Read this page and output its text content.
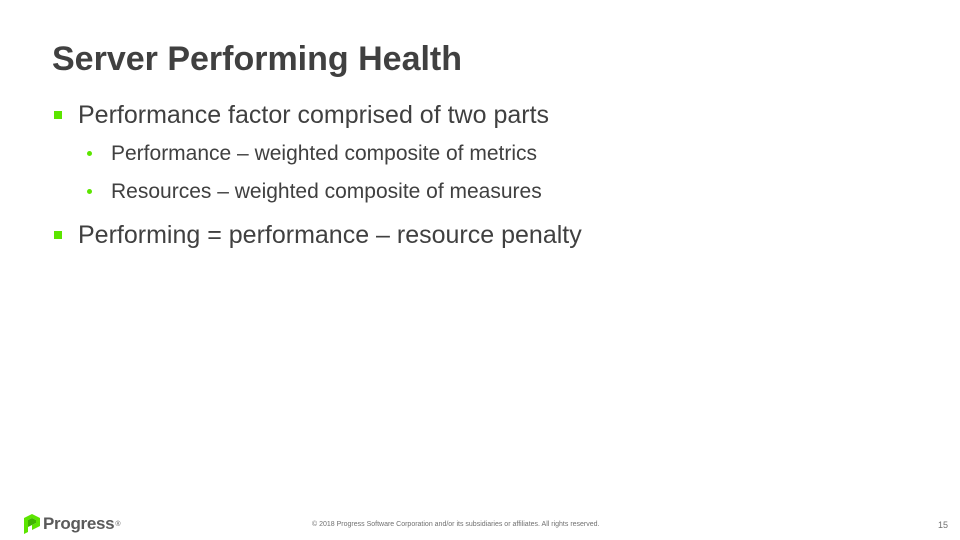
Server Performing Health
Performance factor comprised of two parts
Performance – weighted composite of metrics
Resources – weighted composite of measures
Performing = performance – resource penalty
Progress ®	© 2018 Progress Software Corporation and/or its subsidiaries or affiliates. All rights reserved.	15
